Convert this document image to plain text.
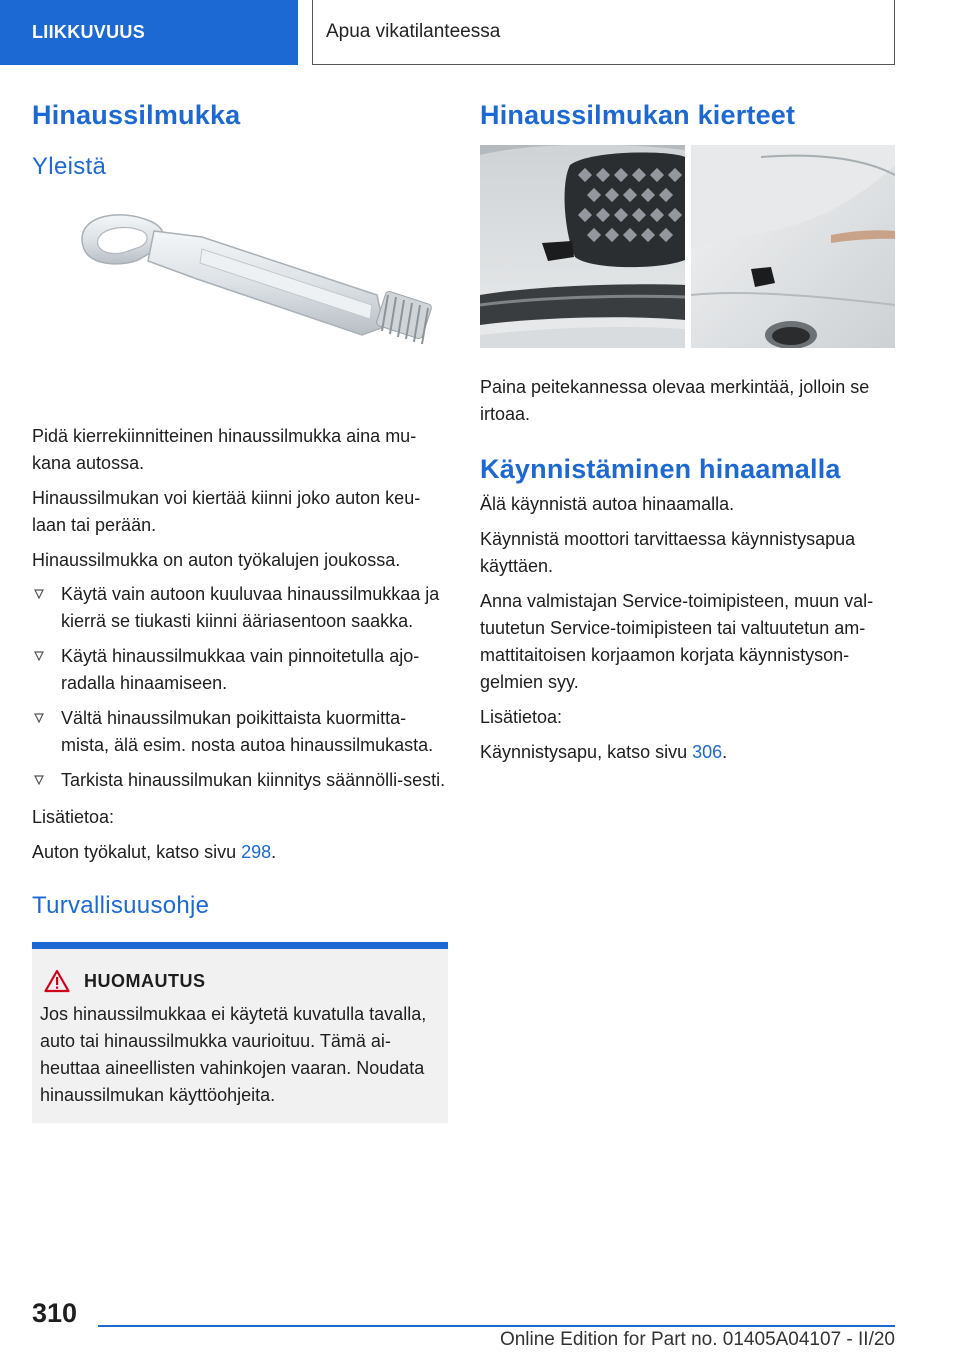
LIIKKUVUUS	Apua vikatilanteessa
Hinaussilmukka
Yleistä

Pidä kierrekiinnitteinen hinaussilmukka aina mu-kana autossa.

Hinaussilmukan voi kiertää kiinni joko auton keu-laan tai perään.

Hinaussilmukka on auton työkalujen joukossa.

Käytä vain autoon kuuluvaa hinaussilmukkaa ja kierrä se tiukasti kiinni ääriasentoon saakka.
Käytä hinaussilmukkaa vain pinnoitetulla ajo-radalla hinaamiseen.
Vältä hinaussilmukan poikittaista kuormitta-mista, älä esim. nosta autoa hinaussilmukasta.
Tarkista hinaussilmukan kiinnitys säännölli-sesti.

Lisätietoa:

Auton työkalut, katso sivu 298.

Turvallisuusohje
HUOMAUTUS

Jos hinaussilmukkaa ei käytetä kuvatulla tavalla, auto tai hinaussilmukka vaurioituu. Tämä ai-heuttaa aineellisten vahinkojen vaaran. Noudata hinaussilmukan käyttöohjeita.

Hinaussilmukan kierteet

Paina peitekannessa olevaa merkintää, jolloin se irtoaa.

Käynnistäminen hinaamalla

Älä käynnistä autoa hinaamalla.

Käynnistä moottori tarvittaessa käynnistysapua käyttäen.

Anna valmistajan Service-toimipisteen, muun val-tuutetun Service-toimipisteen tai valtuutetun am-mattitaitoisen korjaamon korjata käynnistyson-gelmien syy.

Lisätietoa:

Käynnistysapu, katso sivu 306.

310
Online Edition for Part no. 01405A04107 - II/20
